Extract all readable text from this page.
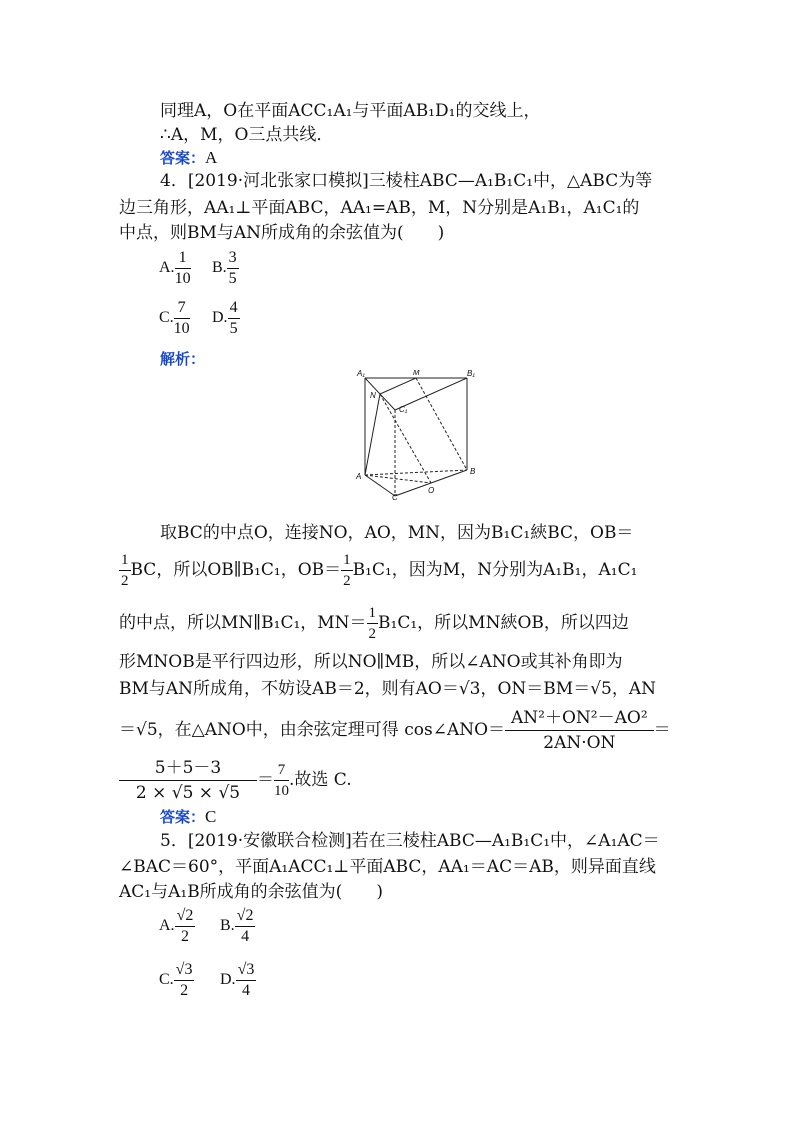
同理A，O在平面ACC₁A₁与平面AB₁D₁的交线上，
∴A，M，O三点共线．
答案：A
4．[2019·河北张家口模拟]三棱柱ABC—A₁B₁C₁中，△ABC为等
边三角形，AA₁⊥平面ABC，AA₁=AB，M，N分别是A₁B₁，A₁C₁的
中点，则BM与AN所成角的余弦值为(　　)
A. $\frac{1}{10} B$. $\frac{3}{5}$
C. $\frac{7}{10} D$. $\frac{4}{5}$
解析：
A₁	M	B₁
N
C₁
A
B
C
O
取BC的中点O，连接NO，AO，MN，因为B₁C₁綊BC，OB＝
$\frac{1}{2}$ BC，所以OB∥B₁C₁，$OB= \frac{1}{2} B_1C_1$，因为M，N分别为A₁B₁，A₁C₁
的中点，所以MN∥B₁C₁，$MN= \frac{1}{2} B_1C_1$，所以MN綊OB，所以四边
形MNOB是平行四边形，所以NO∥MB，所以∠ANO或其补角即为
BM与AN所成角，不妨设AB＝2，则有AO＝√3，ON＝BM＝√5，AN
＝√5，在△ANO中，由余弦定理可得 cos∠ANO＝ $\frac{\text{AN²＋ON²－AO²}}{2AN\cdot ON}$ ＝
$\frac{5+5-3}{2 \times √5 \times √5} = \frac{7}{10}$ .故选 C.
答案：C
5．[2019·安徽联合检测]若在三棱柱ABC—A₁B₁C₁中，∠A₁AC＝
∠BAC＝60°，平面A₁ACC₁⊥平面ABC，AA₁＝AC＝AB，则异面直线
AC₁与A₁B所成角的余弦值为(　　)
A. $\frac{√2}{2} B$. $\frac{√2}{4}$
C. $\frac{√3}{2} D$. $\frac{√3}{4}$
